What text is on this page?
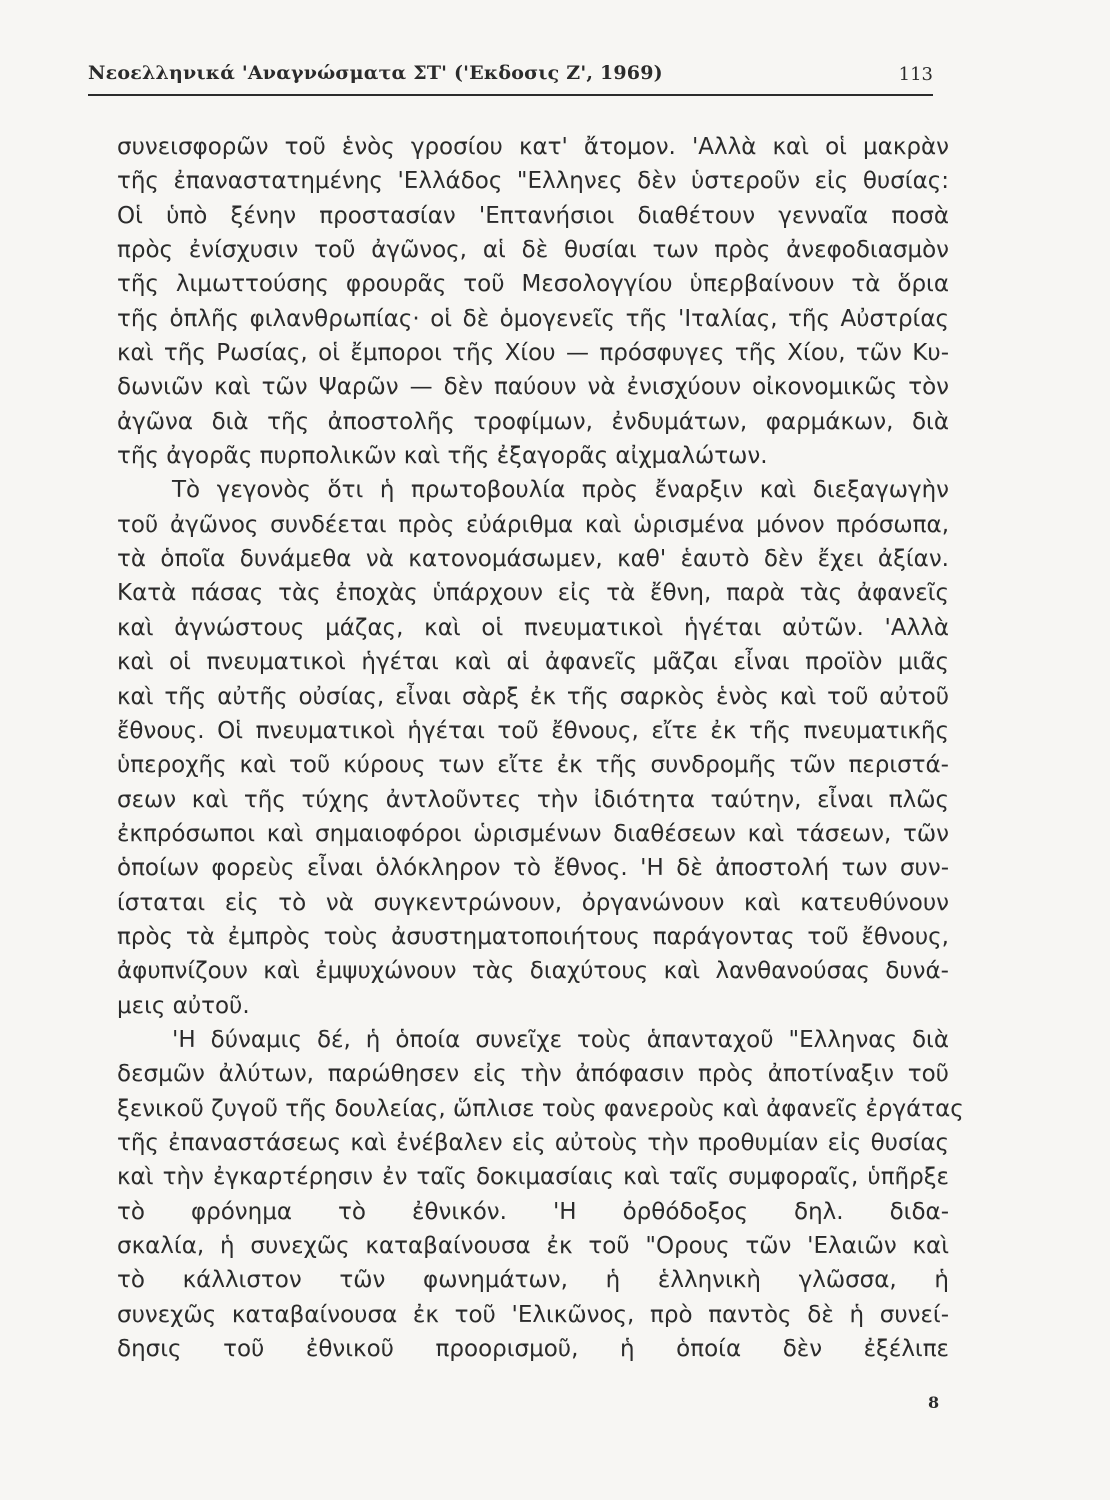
Νεοελληνικά 'Αναγνώσματα ΣΤ' ('Εκδοσις Ζ', 1969)	113
συνεισφορῶν τοῦ ἑνὸς γροσίου κατ' ἄτομον. 'Αλλὰ καὶ οἱ μακρὰν
τῆς ἐπαναστατημένης 'Ελλάδος "Ελληνες δὲν ὑστεροῦν εἰς θυσίας:
Οἱ ὑπὸ ξένην προστασίαν 'Επτανήσιοι διαθέτουν γενναῖα ποσὰ
πρὸς ἐνίσχυσιν τοῦ ἀγῶνος, αἱ δὲ θυσίαι των πρὸς ἀνεφοδιασμὸν
τῆς λιμωττούσης φρουρᾶς τοῦ Μεσολογγίου ὑπερβαίνουν τὰ ὅρια
τῆς ὁπλῆς φιλανθρωπίας· οἱ δὲ ὁμογενεῖς τῆς 'Ιταλίας, τῆς Αὐστρίας
καὶ τῆς Ρωσίας, οἱ ἔμποροι τῆς Χίου — πρόσφυγες τῆς Χίου, τῶν Κυ-
δωνιῶν καὶ τῶν Ψαρῶν — δὲν παύουν νὰ ἐνισχύουν οἰκονομικῶς τὸν
ἀγῶνα διὰ τῆς ἀποστολῆς τροφίμων, ἐνδυμάτων, φαρμάκων, διὰ
τῆς ἀγορᾶς πυρπολικῶν καὶ τῆς ἐξαγορᾶς αἰχμαλώτων.
Τὸ γεγονὸς ὅτι ἡ πρωτοβουλία πρὸς ἔναρξιν καὶ διεξαγωγὴν
τοῦ ἀγῶνος συνδέεται πρὸς εὐάριθμα καὶ ὡρισμένα μόνον πρόσωπα,
τὰ ὁποῖα δυνάμεθα νὰ κατονομάσωμεν, καθ' ἑαυτὸ δὲν ἔχει ἀξίαν.
Κατὰ πάσας τὰς ἐποχὰς ὑπάρχουν εἰς τὰ ἔθνη, παρὰ τὰς ἀφανεῖς
καὶ ἀγνώστους μάζας, καὶ οἱ πνευματικοὶ ἡγέται αὐτῶν. 'Αλλὰ
καὶ οἱ πνευματικοὶ ἡγέται καὶ αἱ ἀφανεῖς μᾶζαι εἶναι προϊὸν μιᾶς
καὶ τῆς αὐτῆς οὐσίας, εἶναι σὰρξ ἐκ τῆς σαρκὸς ἑνὸς καὶ τοῦ αὐτοῦ
ἔθνους. Οἱ πνευματικοὶ ἡγέται τοῦ ἔθνους, εἴτε ἐκ τῆς πνευματικῆς
ὑπεροχῆς καὶ τοῦ κύρους των εἴτε ἐκ τῆς συνδρομῆς τῶν περιστά-
σεων καὶ τῆς τύχης ἀντλοῦντες τὴν ἰδιότητα ταύτην, εἶναι πλῶς
ἐκπρόσωποι καὶ σημαιοφόροι ὡρισμένων διαθέσεων καὶ τάσεων, τῶν
ὁποίων φορεὺς εἶναι ὁλόκληρον τὸ ἔθνος. 'Η δὲ ἀποστολή των συν-
ίσταται εἰς τὸ νὰ συγκεντρώνουν, ὀργανώνουν καὶ κατευθύνουν
πρὸς τὰ ἐμπρὸς τοὺς ἀσυστηματοποιήτους παράγοντας τοῦ ἔθνους,
ἀφυπνίζουν καὶ ἐμψυχώνουν τὰς διαχύτους καὶ λανθανούσας δυνά-
μεις αὐτοῦ.
'Η δύναμις δέ, ἡ ὁποία συνεῖχε τοὺς ἁπανταχοῦ "Ελληνας διὰ
δεσμῶν ἀλύτων, παρώθησεν εἰς τὴν ἀπόφασιν πρὸς ἀποτίναξιν τοῦ
ξενικοῦ ζυγοῦ τῆς δουλείας, ὥπλισε τοὺς φανεροὺς καὶ ἀφανεῖς ἐργάτας
τῆς ἐπαναστάσεως καὶ ἐνέβαλεν εἰς αὐτοὺς τὴν προθυμίαν εἰς θυσίας
καὶ τὴν ἐγκαρτέρησιν ἐν ταῖς δοκιμασίαις καὶ ταῖς συμφοραῖς, ὑπῆρξε
τὸ φρόνημα τὸ ἐθνικόν. 'Η ὀρθόδοξος δηλ. διδα-
σκαλία, ἡ συνεχῶς καταβαίνουσα ἐκ τοῦ "Ορους τῶν 'Ελαιῶν καὶ
τὸ κάλλιστον τῶν φωνημάτων, ἡ ἑλληνικὴ γλῶσσα, ἡ
συνεχῶς καταβαίνουσα ἐκ τοῦ 'Ελικῶνος, πρὸ παντὸς δὲ ἡ συνεί-
δησις τοῦ ἐθνικοῦ προορισμοῦ, ἡ ὁποία δὲν ἐξέλιπε
8
